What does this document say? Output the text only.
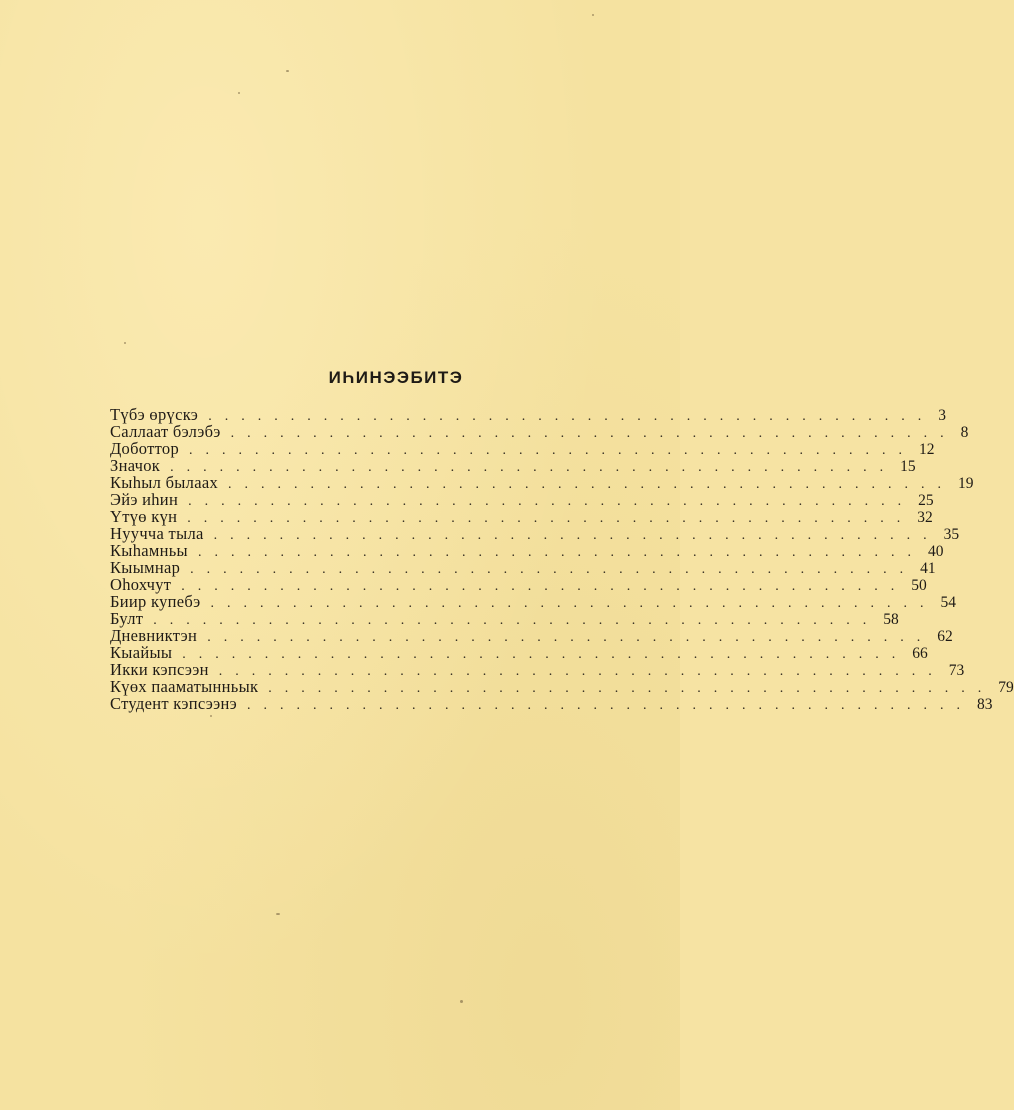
ИҺИНЭЭБИТЭ
Түбэ өрүскэ ............................................ 3
Саллаат бэлэбэ ............................................ 8
Доботтор ............................................ 12
Значок ............................................ 15
Кыһыл былаах ............................................ 19
Эйэ иһин ............................................ 25
Үтүө күн ............................................ 32
Нуучча тыла ............................................ 35
Кыһамньы ............................................ 40
Кыымнар ............................................ 41
Оһохчут ............................................ 50
Биир купебэ ............................................ 54
Булт ............................................ 58
Дневниктэн ............................................ 62
Кыайыы ............................................ 66
Икки кэпсээн ............................................ 73
Күөх пааматынньык ............................................ 79
Студент кэпсээнэ ............................................ 83
